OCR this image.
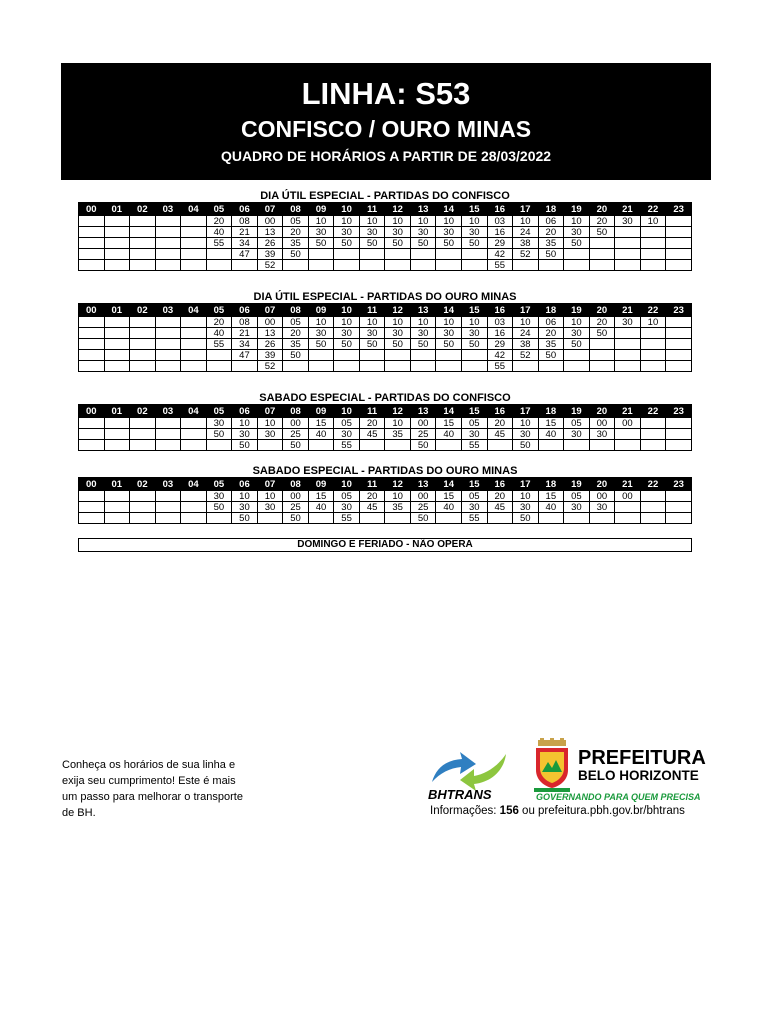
LINHA: S53
CONFISCO / OURO MINAS
QUADRO DE HORÁRIOS A PARTIR DE 28/03/2022
DIA ÚTIL ESPECIAL - PARTIDAS DO CONFISCO
00	01	02	03	04	05	06	07	08	09	10	11	12	13	14	15	16	17	18	19	20	21	22	23
					20	08	00	05	10	10	10	10	10	10	10	03	10	06	10	20	30	10	
					40	21	13	20	30	30	30	30	30	30	30	16	24	20	30	50			
					55	34	26	35	50	50	50	50	50	50	50	29	38	35	50				
						47	39	50								42	52	50					
							52									55							
DIA ÚTIL ESPECIAL - PARTIDAS DO OURO MINAS
00	01	02	03	04	05	06	07	08	09	10	11	12	13	14	15	16	17	18	19	20	21	22	23
					20	08	00	05	10	10	10	10	10	10	10	03	10	06	10	20	30	10	
					40	21	13	20	30	30	30	30	30	30	30	16	24	20	30	50			
					55	34	26	35	50	50	50	50	50	50	50	29	38	35	50				
						47	39	50								42	52	50					
							52									55							
SABADO ESPECIAL - PARTIDAS DO CONFISCO
00	01	02	03	04	05	06	07	08	09	10	11	12	13	14	15	16	17	18	19	20	21	22	23
					30	10	10	00	15	05	20	10	00	15	05	20	10	15	05	00	00		
					50	30	30	25	40	30	45	35	25	40	30	45	30	40	30	30			
						50		50		55			50		55		50						
SABADO ESPECIAL - PARTIDAS DO OURO MINAS
00	01	02	03	04	05	06	07	08	09	10	11	12	13	14	15	16	17	18	19	20	21	22	23
					30	10	10	00	15	05	20	10	00	15	05	20	10	15	05	00	00		
					50	30	30	25	40	30	45	35	25	40	30	45	30	40	30	30			
						50		50		55			50		55		50						
DOMINGO E FERIADO - NÃO OPERA
Conheça os horários de sua linha e
exija seu cumprimento! Este é mais
um passo para melhorar o transporte
de BH.
BHTRANS
PREFEITURA
BELO HORIZONTE
GOVERNANDO PARA QUEM PRECISA
Informações: 156 ou prefeitura.pbh.gov.br/bhtrans
